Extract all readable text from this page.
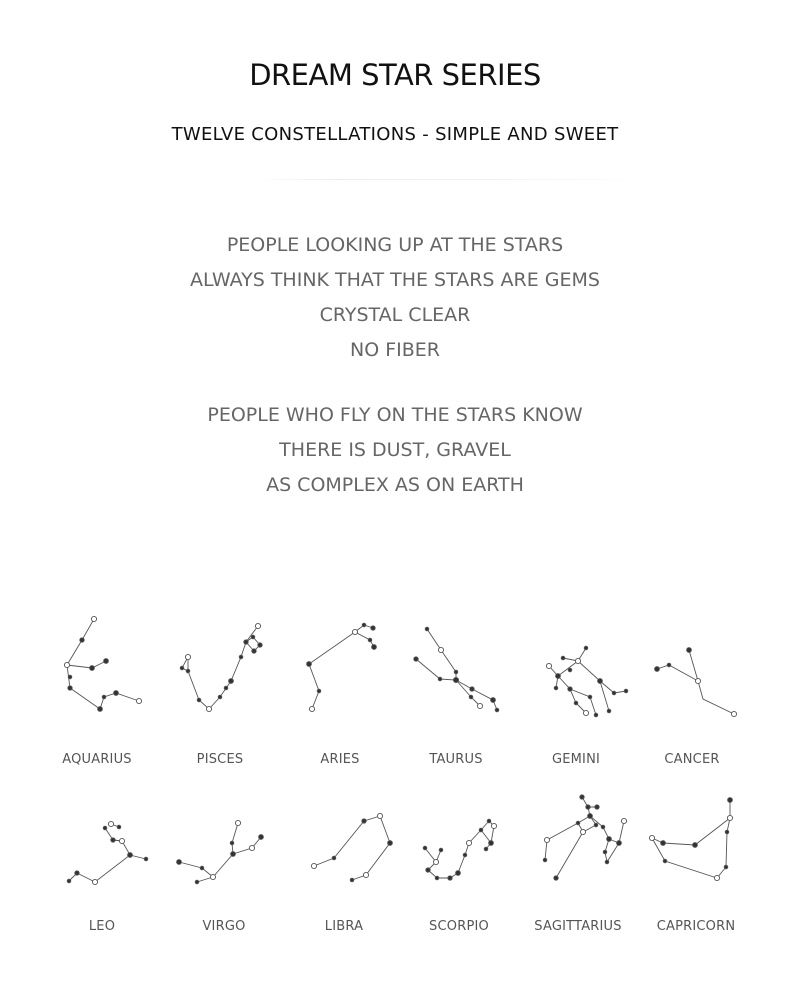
DREAM STAR SERIES
TWELVE CONSTELLATIONS - SIMPLE AND SWEET
PEOPLE LOOKING UP AT THE STARS
ALWAYS THINK THAT THE STARS ARE GEMS
CRYSTAL CLEAR
NO FIBER
PEOPLE WHO FLY ON THE STARS KNOW
THERE IS DUST, GRAVEL
AS COMPLEX AS ON EARTH
AQUARIUS	PISCES	ARIES	TAURUS	GEMINI	CANCER
LEO	VIRGO	LIBRA	SCORPIO	SAGITTARIUS	CAPRICORN
